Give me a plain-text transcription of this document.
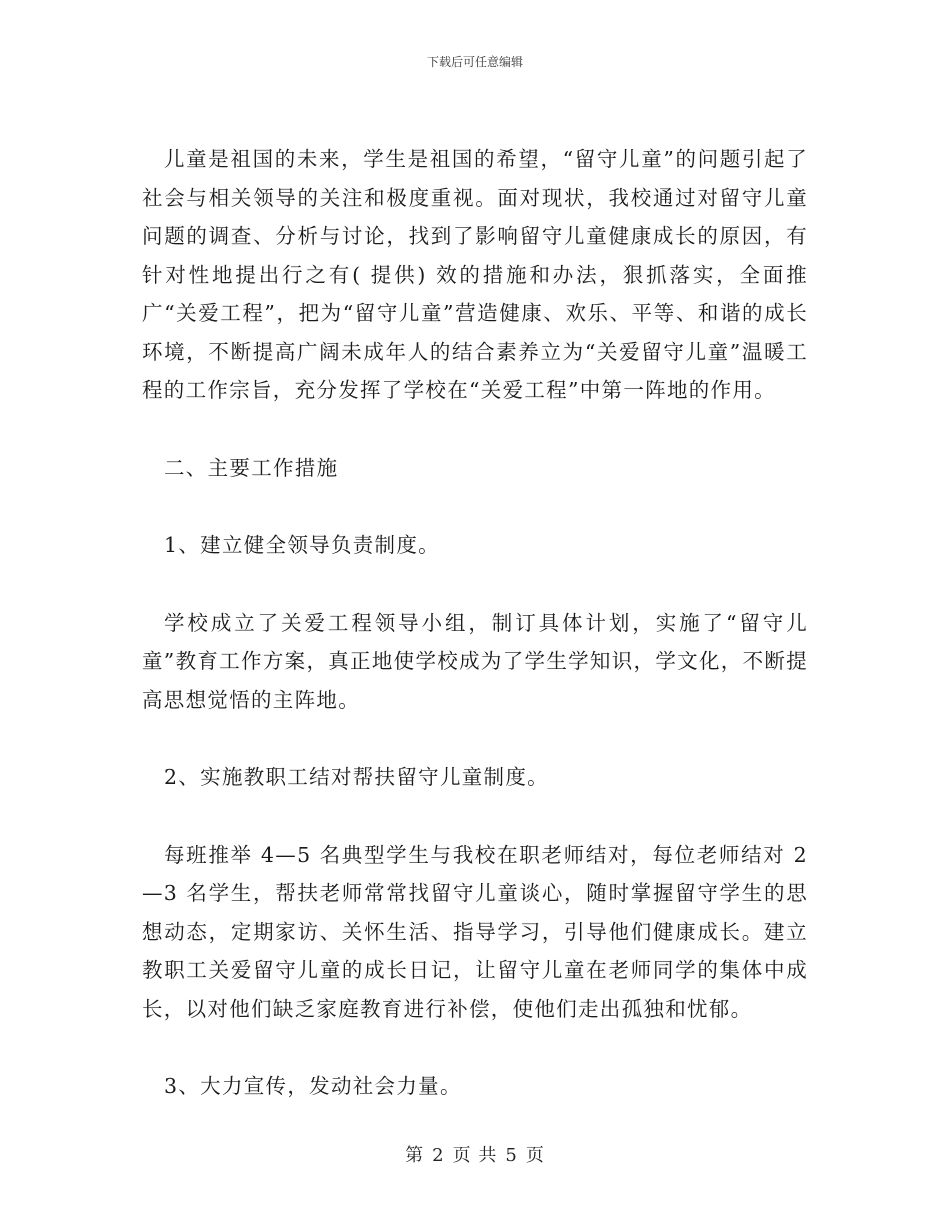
下载后可任意编辑

儿童是祖国的未来，学生是祖国的希望，“留守儿童”的问题引起了社会与相关领导的关注和极度重视。面对现状，我校通过对留守儿童问题的调查、分析与讨论，找到了影响留守儿童健康成长的原因，有针对性地提出行之有( 提供) 效的措施和办法，狠抓落实，全面推广“关爱工程”，把为“留守儿童”营造健康、欢乐、平等、和谐的成长环境，不断提高广阔未成年人的结合素养立为“关爱留守儿童”温暖工程的工作宗旨，充分发挥了学校在“关爱工程”中第一阵地的作用。

二、主要工作措施

1、建立健全领导负责制度。

学校成立了关爱工程领导小组，制订具体计划，实施了“留守儿童”教育工作方案，真正地使学校成为了学生学知识，学文化，不断提高思想觉悟的主阵地。

2、实施教职工结对帮扶留守儿童制度。

每班推举 4—5 名典型学生与我校在职老师结对，每位老师结对 2—3 名学生，帮扶老师常常找留守儿童谈心，随时掌握留守学生的思想动态，定期家访、关怀生活、指导学习，引导他们健康成长。建立教职工关爱留守儿童的成长日记，让留守儿童在老师同学的集体中成长，以对他们缺乏家庭教育进行补偿，使他们走出孤独和忧郁。

3、大力宣传，发动社会力量。

第 2 页 共 5 页
